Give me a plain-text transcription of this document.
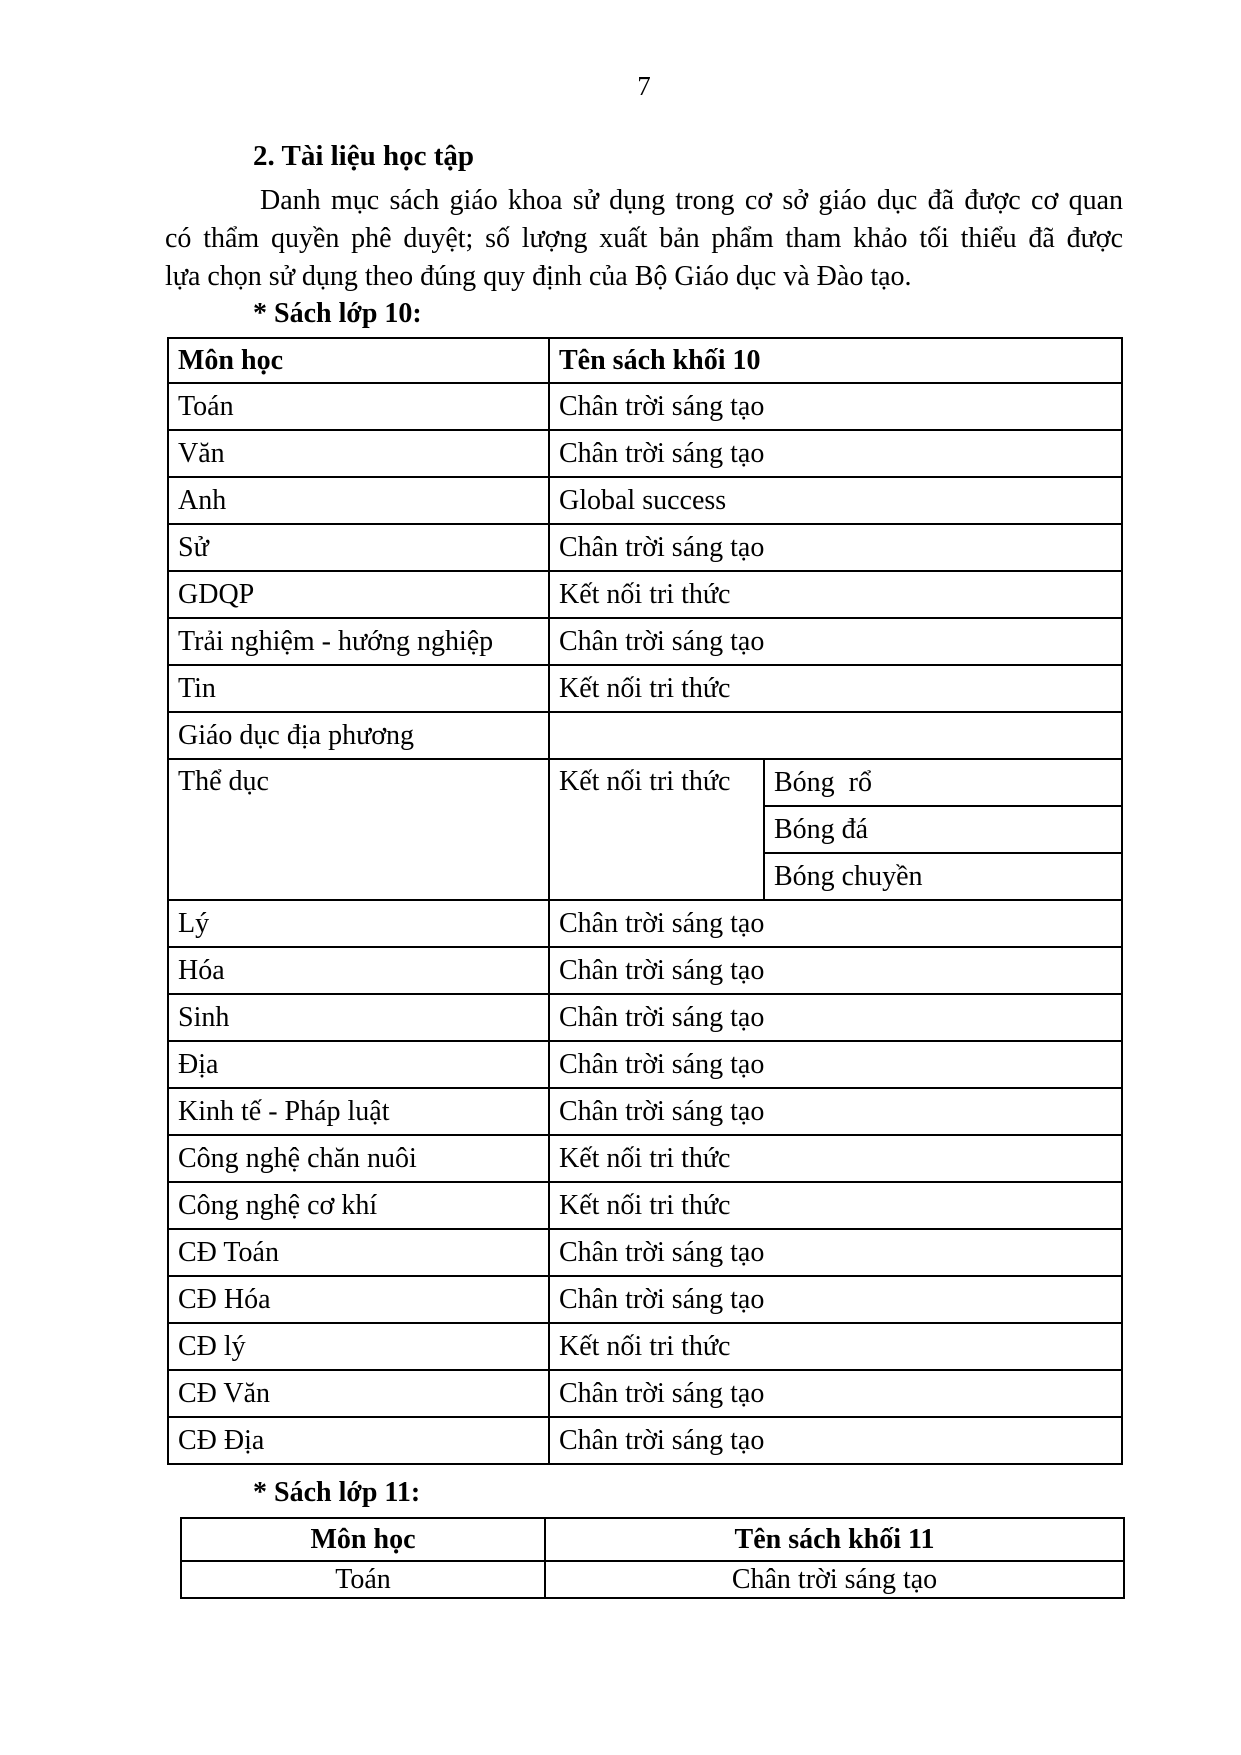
7
2. Tài liệu học tập
Danh mục sách giáo khoa sử dụng trong cơ sở giáo dục đã được cơ quan
có thẩm quyền phê duyệt; số lượng xuất bản phẩm tham khảo tối thiểu đã được
lựa chọn sử dụng theo đúng quy định của Bộ Giáo dục và Đào tạo.
* Sách lớp 10:
Môn học	Tên sách khối 10	
Toán	Chân trời sáng tạo	
Văn	Chân trời sáng tạo	
Anh	Global success	
Sử	Chân trời sáng tạo	
GDQP	Kết nối tri thức	
Trải nghiệm - hướng nghiệp	Chân trời sáng tạo	
Tin	Kết nối tri thức	
Giáo dục địa phương		
Thể dục	Kết nối tri thức	Bóng  rổ
		Bóng đá
		Bóng chuyền
Lý	Chân trời sáng tạo	
Hóa	Chân trời sáng tạo	
Sinh	Chân trời sáng tạo	
Địa	Chân trời sáng tạo	
Kinh tế - Pháp luật	Chân trời sáng tạo	
Công nghệ chăn nuôi	Kết nối tri thức	
Công nghệ cơ khí	Kết nối tri thức	
CĐ Toán	Chân trời sáng tạo	
CĐ Hóa	Chân trời sáng tạo	
CĐ lý	Kết nối tri thức	
CĐ Văn	Chân trời sáng tạo	
CĐ Địa	Chân trời sáng tạo	
* Sách lớp 11:
Môn học	Tên sách khối 11
Toán	Chân trời sáng tạo
